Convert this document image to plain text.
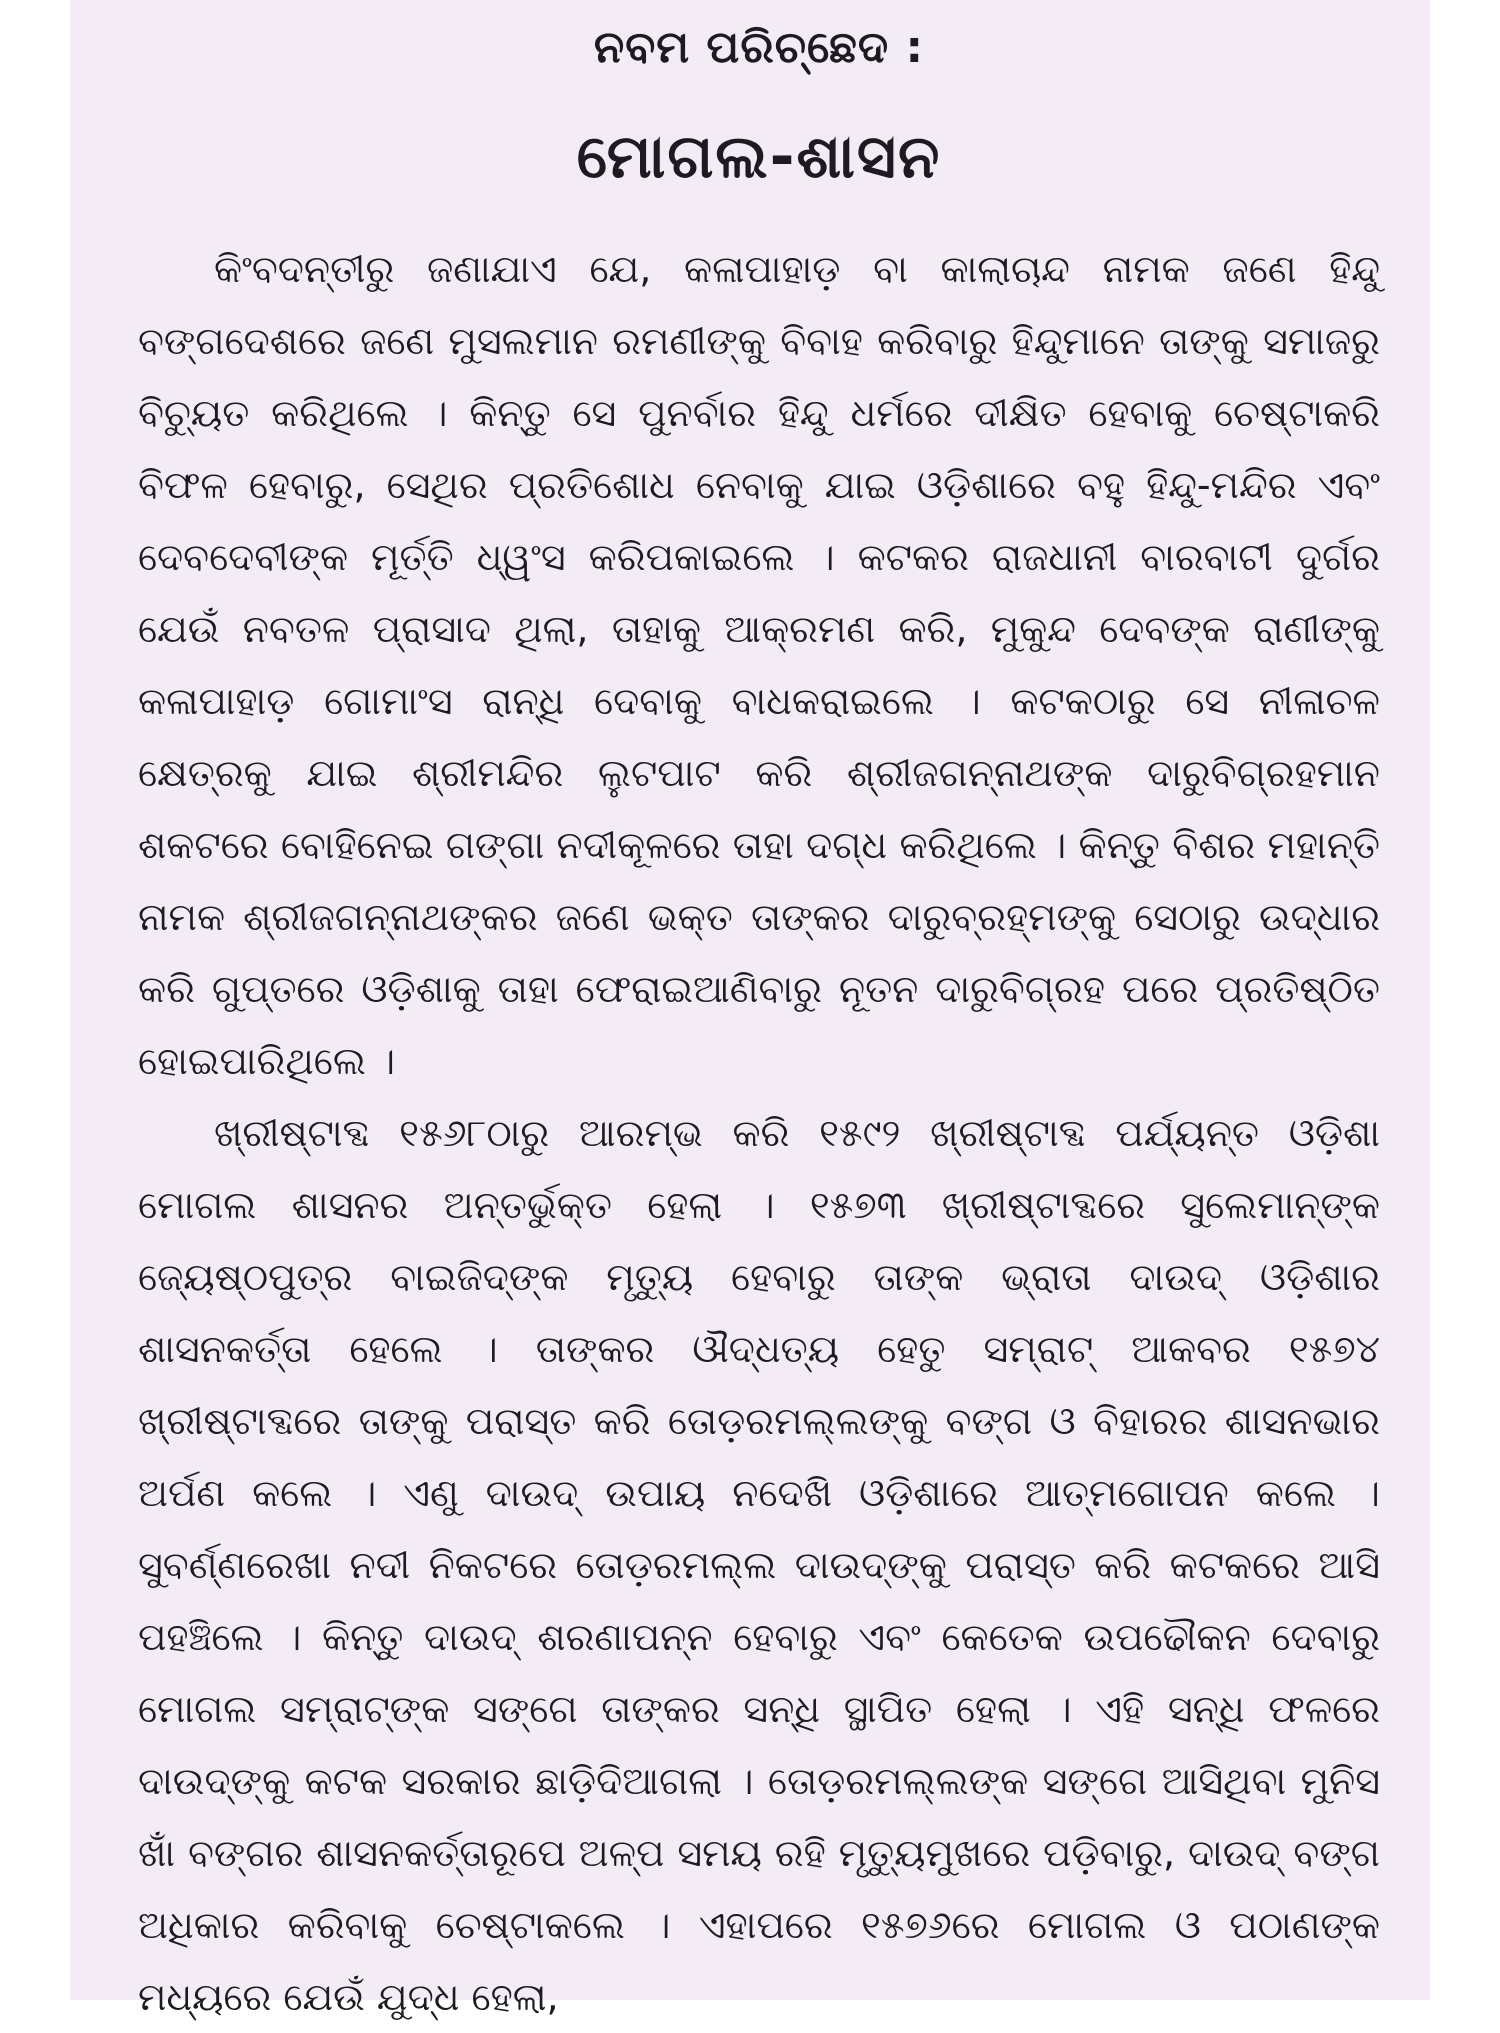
ନବମ ପରିଚ୍ଛେଦ :
ମୋଗଲ-ଶାସନ

କିଂବଦନ୍ତୀରୁ ଜଣାଯାଏ ଯେ, କଳାପାହାଡ଼ ବା କାଲାଚାନ୍ଦ ନାମକ ଜଣେ ହିନ୍ଦୁ ବଙ୍ଗଦେଶରେ ଜଣେ ମୁସଲମାନ ରମଣୀଙ୍କୁ ବିବାହ କରିବାରୁ ହିନ୍ଦୁମାନେ ତାଙ୍କୁ ସମାଜରୁ ବିଚ୍ୟୁତ କରିଥିଲେ । କିନ୍ତୁ ସେ ପୁନର୍ବାର ହିନ୍ଦୁ ଧର୍ମରେ ଦୀକ୍ଷିତ ହେବାକୁ ଚେଷ୍ଟାକରି ବିଫଳ ହେବାରୁ, ସେଥିର ପ୍ରତିଶୋଧ ନେବାକୁ ଯାଇ ଓଡ଼ିଶାରେ ବହୁ ହିନ୍ଦୁ-ମନ୍ଦିର ଏବଂ ଦେବଦେବୀଙ୍କ ମୂର୍ତ୍ତି ଧ୍ୱଂସ କରିପକାଇଲେ । କଟକର ରାଜଧାନୀ ବାରବାଟୀ ଦୁର୍ଗର ଯେଉଁ ନବତଳ ପ୍ରାସାଦ ଥିଲା, ତାହାକୁ ଆକ୍ରମଣ କରି, ମୁକୁନ୍ଦ ଦେବଙ୍କ ରାଣୀଙ୍କୁ କଳାପାହାଡ଼ ଗୋମାଂସ ରାନ୍ଧି ଦେବାକୁ ବାଧକରାଇଲେ । କଟକଠାରୁ ସେ ନୀଳାଚଳ କ୍ଷେତ୍ରକୁ ଯାଇ ଶ୍ରୀମନ୍ଦିର ଲୁଟପାଟ କରି ଶ୍ରୀଜଗନ୍ନାଥଙ୍କ ଦାରୁବିଗ୍ରହମାନ ଶକଟରେ ବୋହିନେଇ ଗଙ୍ଗା ନଦୀକୂଳରେ ତାହା ଦଗ୍ଧ କରିଥିଲେ । କିନ୍ତୁ ବିଶର ମହାନ୍ତି ନାମକ ଶ୍ରୀଜଗନ୍ନାଥଙ୍କର ଜଣେ ଭକ୍ତ ତାଙ୍କର ଦାରୁବ୍ରହ୍ମଙ୍କୁ ସେଠାରୁ ଉଦ୍ଧାର କରି ଗୁପ୍ତରେ ଓଡ଼ିଶାକୁ ତାହା ଫେରାଇଆଣିବାରୁ ନୂତନ ଦାରୁବିଗ୍ରହ ପରେ ପ୍ରତିଷ୍ଠିତ ହୋଇପାରିଥିଲେ ।

ଖ୍ରୀଷ୍ଟାବ୍ଦ ୧୫୬୮ଠାରୁ ଆରମ୍ଭ କରି ୧୫୯୨ ଖ୍ରୀଷ୍ଟାବ୍ଦ ପର୍ଯ୍ୟନ୍ତ ଓଡ଼ିଶା ମୋଗଲ ଶାସନର ଅନ୍ତର୍ଭୁକ୍ତ ହେଲା । ୧୫୭୩ ଖ୍ରୀଷ୍ଟାବ୍ଦରେ ସୁଲେମାନ୍‌ଙ୍କ ଜ୍ୟେଷ୍ଠପୁତ୍ର ବାଇଜିଦ୍‌ଙ୍କ ମୃତ୍ୟୁ ହେବାରୁ ତାଙ୍କ ଭ୍ରାତା ଦାଉଦ୍ ଓଡ଼ିଶାର ଶାସନକର୍ତ୍ତା ହେଲେ । ତାଙ୍କର ଔଦ୍ଧତ୍ୟ ହେତୁ ସମ୍ରାଟ୍ ଆକବର ୧୫୭୪ ଖ୍ରୀଷ୍ଟାବ୍ଦରେ ତାଙ୍କୁ ପରାସ୍ତ କରି ତୋଡ଼ରମଲ୍ଲଙ୍କୁ ବଙ୍ଗ ଓ ବିହାରର ଶାସନଭାର ଅର୍ପଣ କଲେ । ଏଣୁ ଦାଉଦ୍ ଉପାୟ ନଦେଖି ଓଡ଼ିଶାରେ ଆତ୍ମଗୋପନ କଲେ । ସୁବର୍ଣ୍ଣରେଖା ନଦୀ ନିକଟରେ ତୋଡ଼ରମଲ୍ଲ ଦାଉଦ୍‌ଙ୍କୁ ପରାସ୍ତ କରି କଟକରେ ଆସି ପହଞ୍ଚିଲେ । କିନ୍ତୁ ଦାଉଦ୍ ଶରଣାପନ୍ନ ହେବାରୁ ଏବଂ କେତେକ ଉପଢୌକନ ଦେବାରୁ ମୋଗଲ ସମ୍ରାଟ୍‌ଙ୍କ ସଙ୍ଗେ ତାଙ୍କର ସନ୍ଧି ସ୍ଥାପିତ ହେଲା । ଏହି ସନ୍ଧି ଫଳରେ ଦାଉଦ୍‌ଙ୍କୁ କଟକ ସରକାର ଛାଡ଼ିଦିଆଗଲା । ତୋଡ଼ରମଲ୍ଲଙ୍କ ସଙ୍ଗେ ଆସିଥିବା ମୁନିସ ଖାଁ ବଙ୍ଗର ଶାସନକର୍ତ୍ତାରୂପେ ଅଳ୍ପ ସମୟ ରହି ମୃତ୍ୟୁମୁଖରେ ପଡ଼ିବାରୁ, ଦାଉଦ୍ ବଙ୍ଗ ଅଧିକାର କରିବାକୁ ଚେଷ୍ଟାକଲେ । ଏହାପରେ ୧୫୭୬ରେ ମୋଗଲ ଓ ପଠାଣଙ୍କ ମଧ୍ୟରେ ଯେଉଁ ଯୁଦ୍ଧ ହେଲା,
